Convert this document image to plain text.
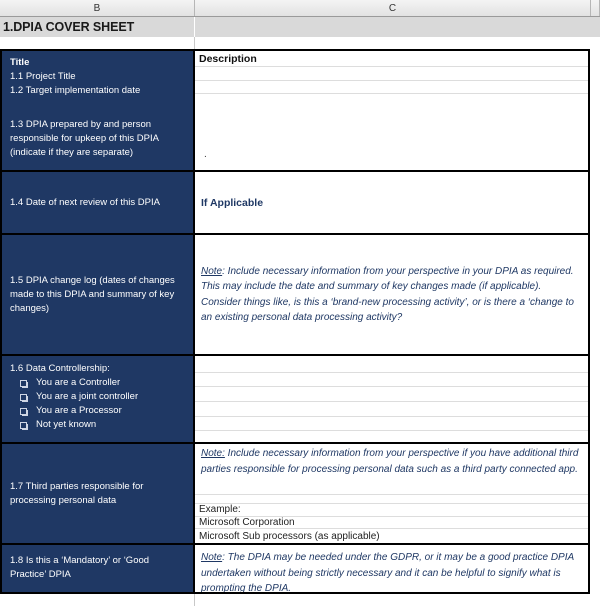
B	C
1.DPIA COVER SHEET
Title
1.1 Project Title
1.2 Target implementation date
1.3 DPIA prepared by and person responsible for upkeep of this DPIA (indicate if they are separate)
Description
.
1.4 Date of next review of this DPIA	If Applicable
1.5 DPIA change log (dates of changes made to this DPIA and summary of key changes)
Note: Include necessary information from your perspective in your DPIA as required. This may include the date and summary of key changes made (if applicable). Consider things like, is this a ‘brand-new processing activity’, or is there a ‘change to an existing personal data processing activity?
1.6 Data Controllership:
You are a Controller
You are a joint controller
You are a Processor
Not yet known
1.7 Third parties responsible for processing personal data
Note: Include necessary information from your perspective if you have additional third parties responsible for processing personal data such as a third party connected app.
Example:
Microsoft Corporation
Microsoft Sub processors (as applicable)
1.8 Is this a ‘Mandatory’ or ‘Good Practice’ DPIA
Note: The DPIA may be needed under the GDPR, or it may be a good practice DPIA undertaken without being strictly necessary and it can be helpful to signify what is prompting the DPIA.
